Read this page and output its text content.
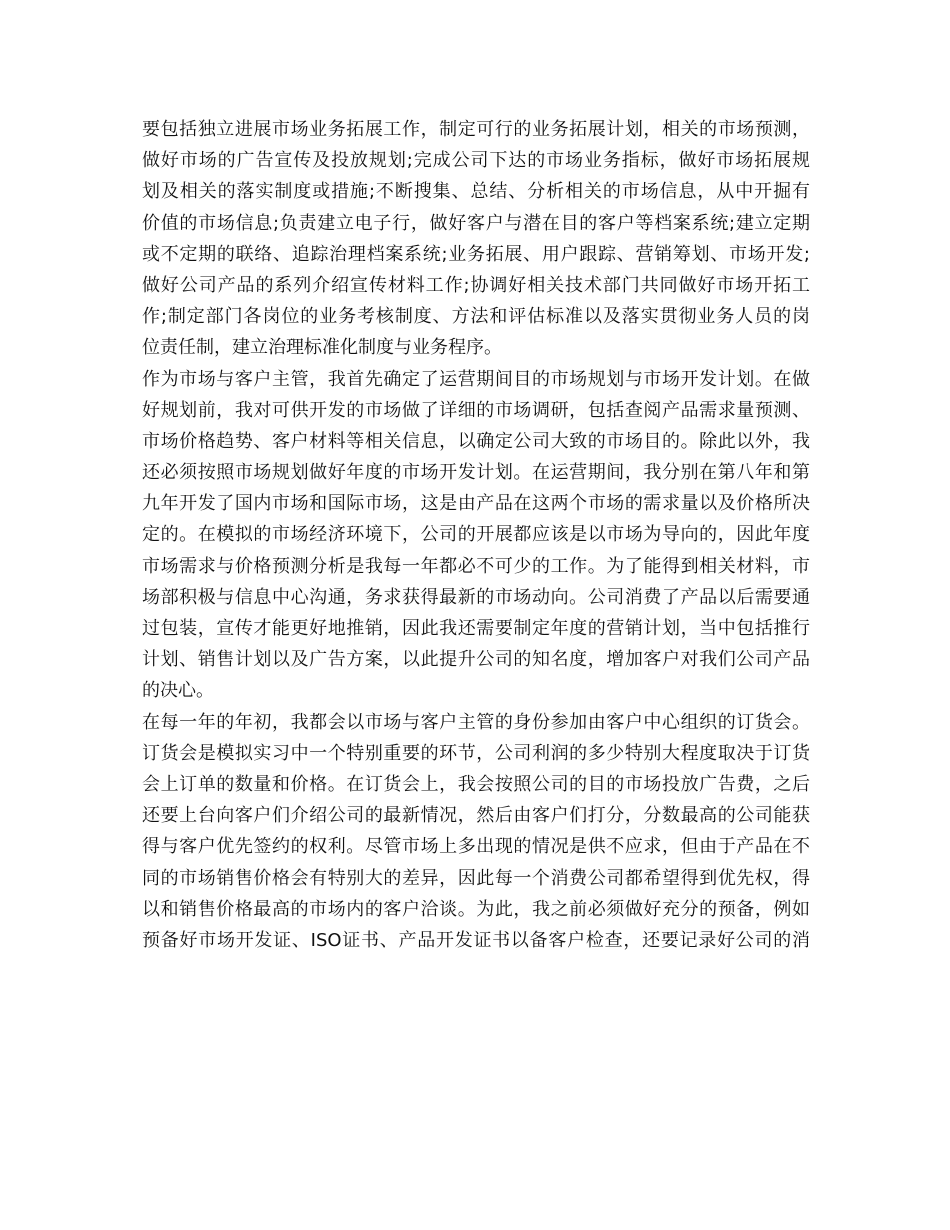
要包括独立进展市场业务拓展工作，制定可行的业务拓展计划，相关的市场预测，
做好市场的广告宣传及投放规划;完成公司下达的市场业务指标，做好市场拓展规
划及相关的落实制度或措施;不断搜集、总结、分析相关的市场信息，从中开掘有
价值的市场信息;负责建立电子行，做好客户与潜在目的客户等档案系统;建立定期
或不定期的联络、追踪治理档案系统;业务拓展、用户跟踪、营销筹划、市场开发;
做好公司产品的系列介绍宣传材料工作;协调好相关技术部门共同做好市场开拓工
作;制定部门各岗位的业务考核制度、方法和评估标准以及落实贯彻业务人员的岗
位责任制，建立治理标准化制度与业务程序。
作为市场与客户主管，我首先确定了运营期间目的市场规划与市场开发计划。在做
好规划前，我对可供开发的市场做了详细的市场调研，包括查阅产品需求量预测、
市场价格趋势、客户材料等相关信息，以确定公司大致的市场目的。除此以外，我
还必须按照市场规划做好年度的市场开发计划。在运营期间，我分别在第八年和第
九年开发了国内市场和国际市场，这是由产品在这两个市场的需求量以及价格所决
定的。在模拟的市场经济环境下，公司的开展都应该是以市场为导向的，因此年度
市场需求与价格预测分析是我每一年都必不可少的工作。为了能得到相关材料，市
场部积极与信息中心沟通，务求获得最新的市场动向。公司消费了产品以后需要通
过包装，宣传才能更好地推销，因此我还需要制定年度的营销计划，当中包括推行
计划、销售计划以及广告方案，以此提升公司的知名度，增加客户对我们公司产品
的决心。
在每一年的年初，我都会以市场与客户主管的身份参加由客户中心组织的订货会。
订货会是模拟实习中一个特别重要的环节，公司利润的多少特别大程度取决于订货
会上订单的数量和价格。在订货会上，我会按照公司的目的市场投放广告费，之后
还要上台向客户们介绍公司的最新情况，然后由客户们打分，分数最高的公司能获
得与客户优先签约的权利。尽管市场上多出现的情况是供不应求，但由于产品在不
同的市场销售价格会有特别大的差异，因此每一个消费公司都希望得到优先权，得
以和销售价格最高的市场内的客户洽谈。为此，我之前必须做好充分的预备，例如
预备好市场开发证、ISO证书、产品开发证书以备客户检查，还要记录好公司的消
